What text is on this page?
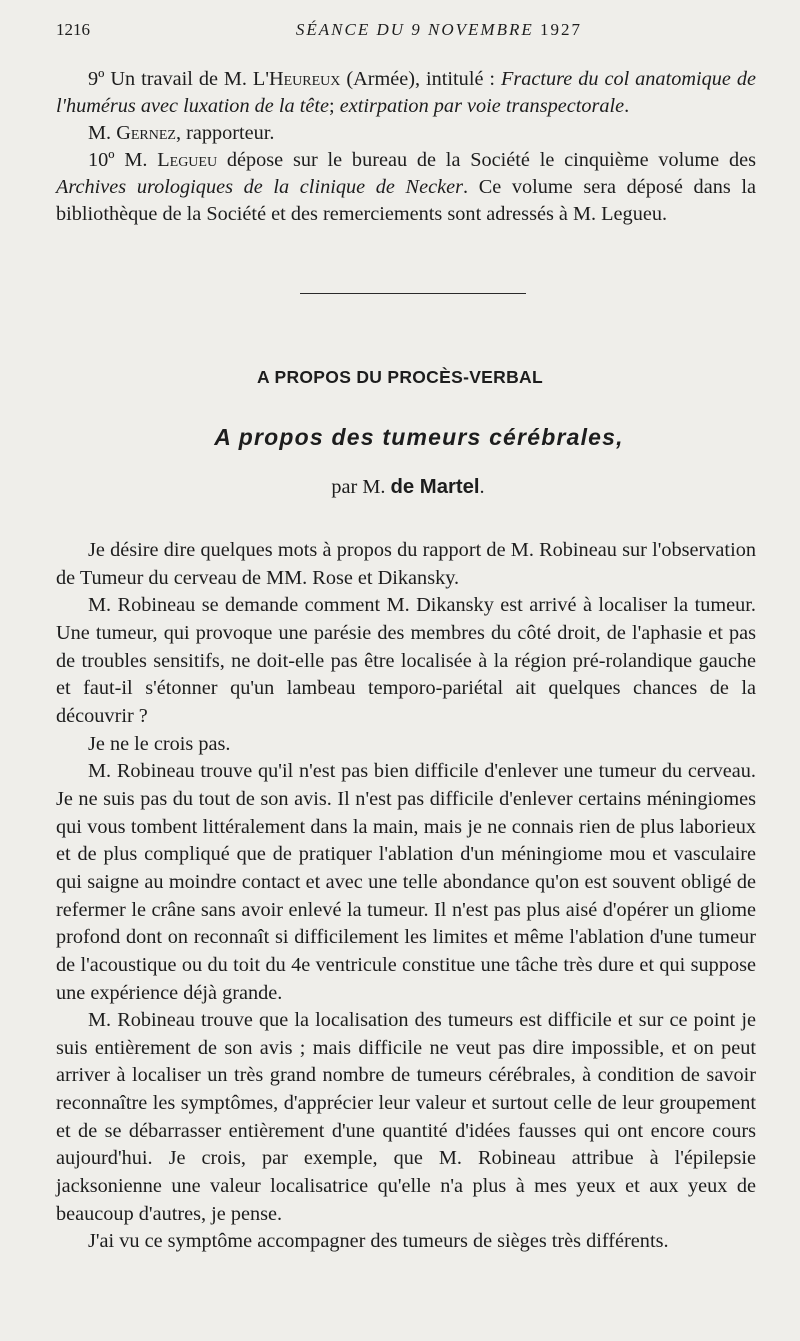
1216	SÉANCE DU 9 NOVEMBRE 1927

9º Un travail de M. L'Heureux (Armée), intitulé : Fracture du col anatomique de l'humérus avec luxation de la tête; extirpation par voie transpectorale.

M. Gernez, rapporteur.

10º M. Legueu dépose sur le bureau de la Société le cinquième volume des Archives urologiques de la clinique de Necker. Ce volume sera déposé dans la bibliothèque de la Société et des remerciements sont adressés à M. Legueu.

A PROPOS DU PROCÈS-VERBAL
A propos des tumeurs cérébrales,
par M. de Martel.

Je désire dire quelques mots à propos du rapport de M. Robineau sur l'observation de Tumeur du cerveau de MM. Rose et Dikansky.

M. Robineau se demande comment M. Dikansky est arrivé à localiser la tumeur. Une tumeur, qui provoque une parésie des membres du côté droit, de l'aphasie et pas de troubles sensitifs, ne doit-elle pas être localisée à la région pré-rolandique gauche et faut-il s'étonner qu'un lambeau temporo-pariétal ait quelques chances de la découvrir ?

Je ne le crois pas.

M. Robineau trouve qu'il n'est pas bien difficile d'enlever une tumeur du cerveau. Je ne suis pas du tout de son avis. Il n'est pas difficile d'enlever certains méningiomes qui vous tombent littéralement dans la main, mais je ne connais rien de plus laborieux et de plus compliqué que de pratiquer l'ablation d'un méningiome mou et vasculaire qui saigne au moindre contact et avec une telle abondance qu'on est souvent obligé de refermer le crâne sans avoir enlevé la tumeur. Il n'est pas plus aisé d'opérer un gliome profond dont on reconnaît si difficilement les limites et même l'ablation d'une tumeur de l'acoustique ou du toit du 4e ventricule constitue une tâche très dure et qui suppose une expérience déjà grande.

M. Robineau trouve que la localisation des tumeurs est difficile et sur ce point je suis entièrement de son avis ; mais difficile ne veut pas dire impossible, et on peut arriver à localiser un très grand nombre de tumeurs cérébrales, à condition de savoir reconnaître les symptômes, d'apprécier leur valeur et surtout celle de leur groupement et de se débarrasser entièrement d'une quantité d'idées fausses qui ont encore cours aujourd'hui. Je crois, par exemple, que M. Robineau attribue à l'épilepsie jacksonienne une valeur localisatrice qu'elle n'a plus à mes yeux et aux yeux de beaucoup d'autres, je pense.

J'ai vu ce symptôme accompagner des tumeurs de sièges très différents.
